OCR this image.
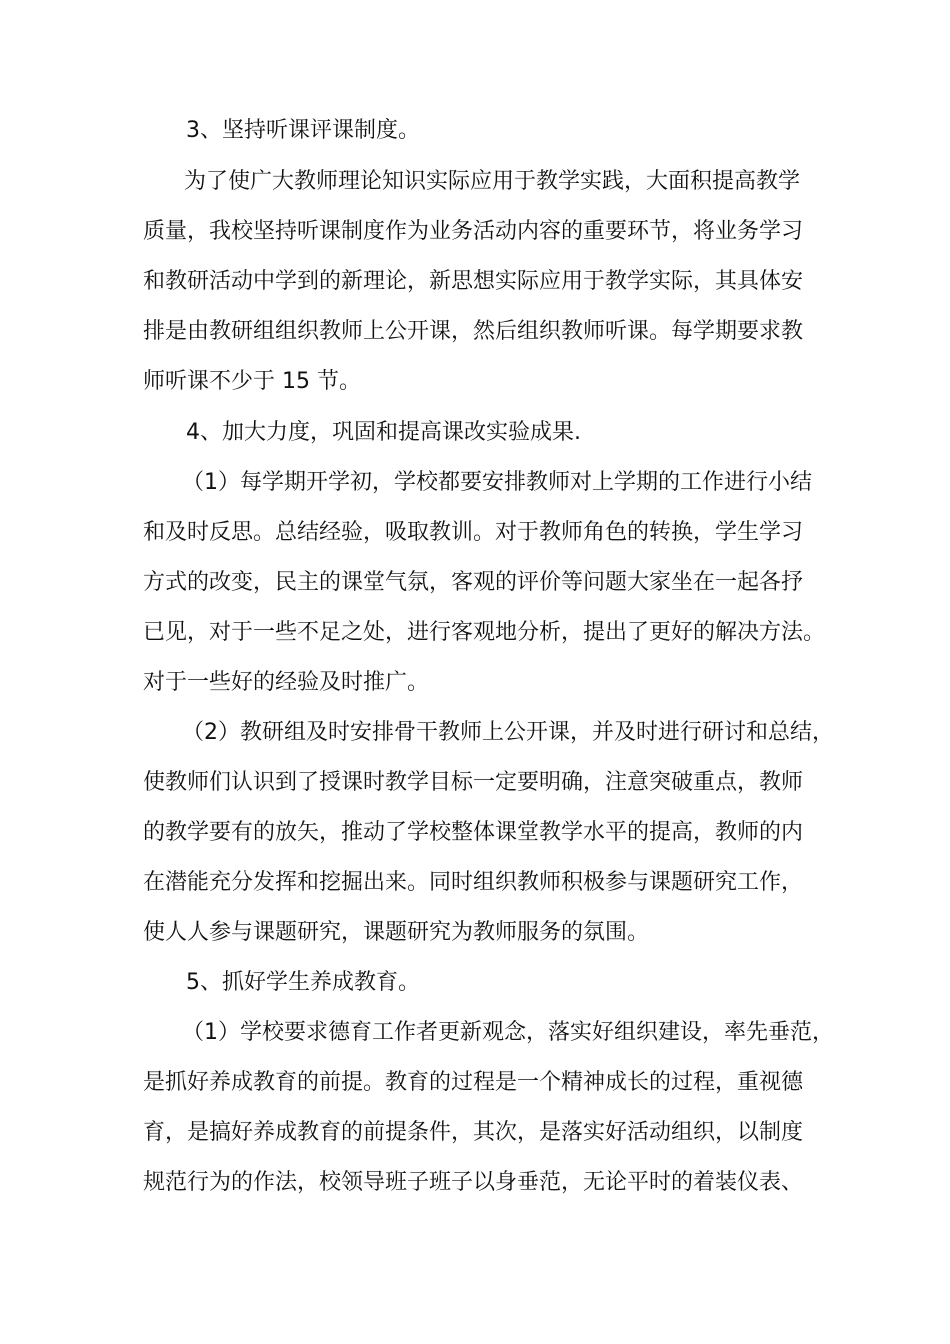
3、坚持听课评课制度。

为了使广大教师理论知识实际应用于教学实践，大面积提高教学

质量，我校坚持听课制度作为业务活动内容的重要环节，将业务学习

和教研活动中学到的新理论，新思想实际应用于教学实际，其具体安

排是由教研组组织教师上公开课，然后组织教师听课。每学期要求教

师听课不少于 15 节。

4、加大力度，巩固和提高课改实验成果.

（1）每学期开学初，学校都要安排教师对上学期的工作进行小结

和及时反思。总结经验，吸取教训。对于教师角色的转换，学生学习

方式的改变，民主的课堂气氛，客观的评价等问题大家坐在一起各抒

已见，对于一些不足之处，进行客观地分析，提出了更好的解决方法。

对于一些好的经验及时推广。

（2）教研组及时安排骨干教师上公开课，并及时进行研讨和总结，

使教师们认识到了授课时教学目标一定要明确，注意突破重点，教师

的教学要有的放矢，推动了学校整体课堂教学水平的提高，教师的内

在潜能充分发挥和挖掘出来。同时组织教师积极参与课题研究工作，

使人人参与课题研究，课题研究为教师服务的氛围。

5、抓好学生养成教育。

（1）学校要求德育工作者更新观念，落实好组织建设，率先垂范，

是抓好养成教育的前提。教育的过程是一个精神成长的过程，重视德

育，是搞好养成教育的前提条件，其次，是落实好活动组织，以制度

规范行为的作法，校领导班子班子以身垂范，无论平时的着装仪表、
